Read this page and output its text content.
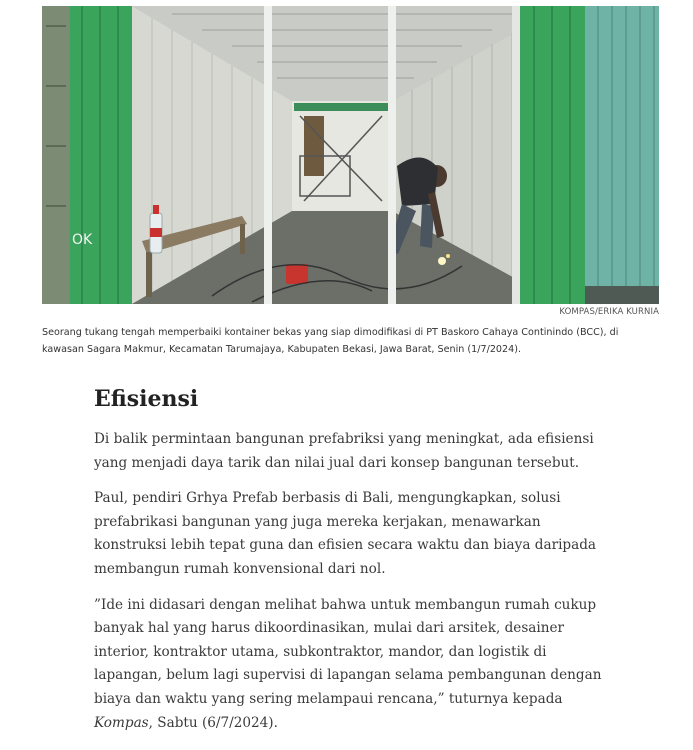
OK
KOMPAS/ERIKA KURNIA
Seorang tukang tengah memperbaiki kontainer bekas yang siap dimodifikasi di PT Baskoro Cahaya Continindo (BCC), di kawasan Sagara Makmur, Kecamatan Tarumajaya, Kabupaten Bekasi, Jawa Barat, Senin (1/7/2024).
Efisiensi

Di balik permintaan bangunan prefabriksi yang meningkat, ada efisiensi yang menjadi daya tarik dan nilai jual dari konsep bangunan tersebut.

Paul, pendiri Grhya Prefab berbasis di Bali, mengungkapkan, solusi prefabrikasi bangunan yang juga mereka kerjakan, menawarkan konstruksi lebih tepat guna dan efisien secara waktu dan biaya daripada membangun rumah konvensional dari nol.

”Ide ini didasari dengan melihat bahwa untuk membangun rumah cukup banyak hal yang harus dikoordinasikan, mulai dari arsitek, desainer interior, kontraktor utama, subkontraktor, mandor, dan logistik di lapangan, belum lagi supervisi di lapangan selama pembangunan dengan biaya dan waktu yang sering melampaui rencana,” tuturnya kepada Kompas, Sabtu (6/7/2024).
